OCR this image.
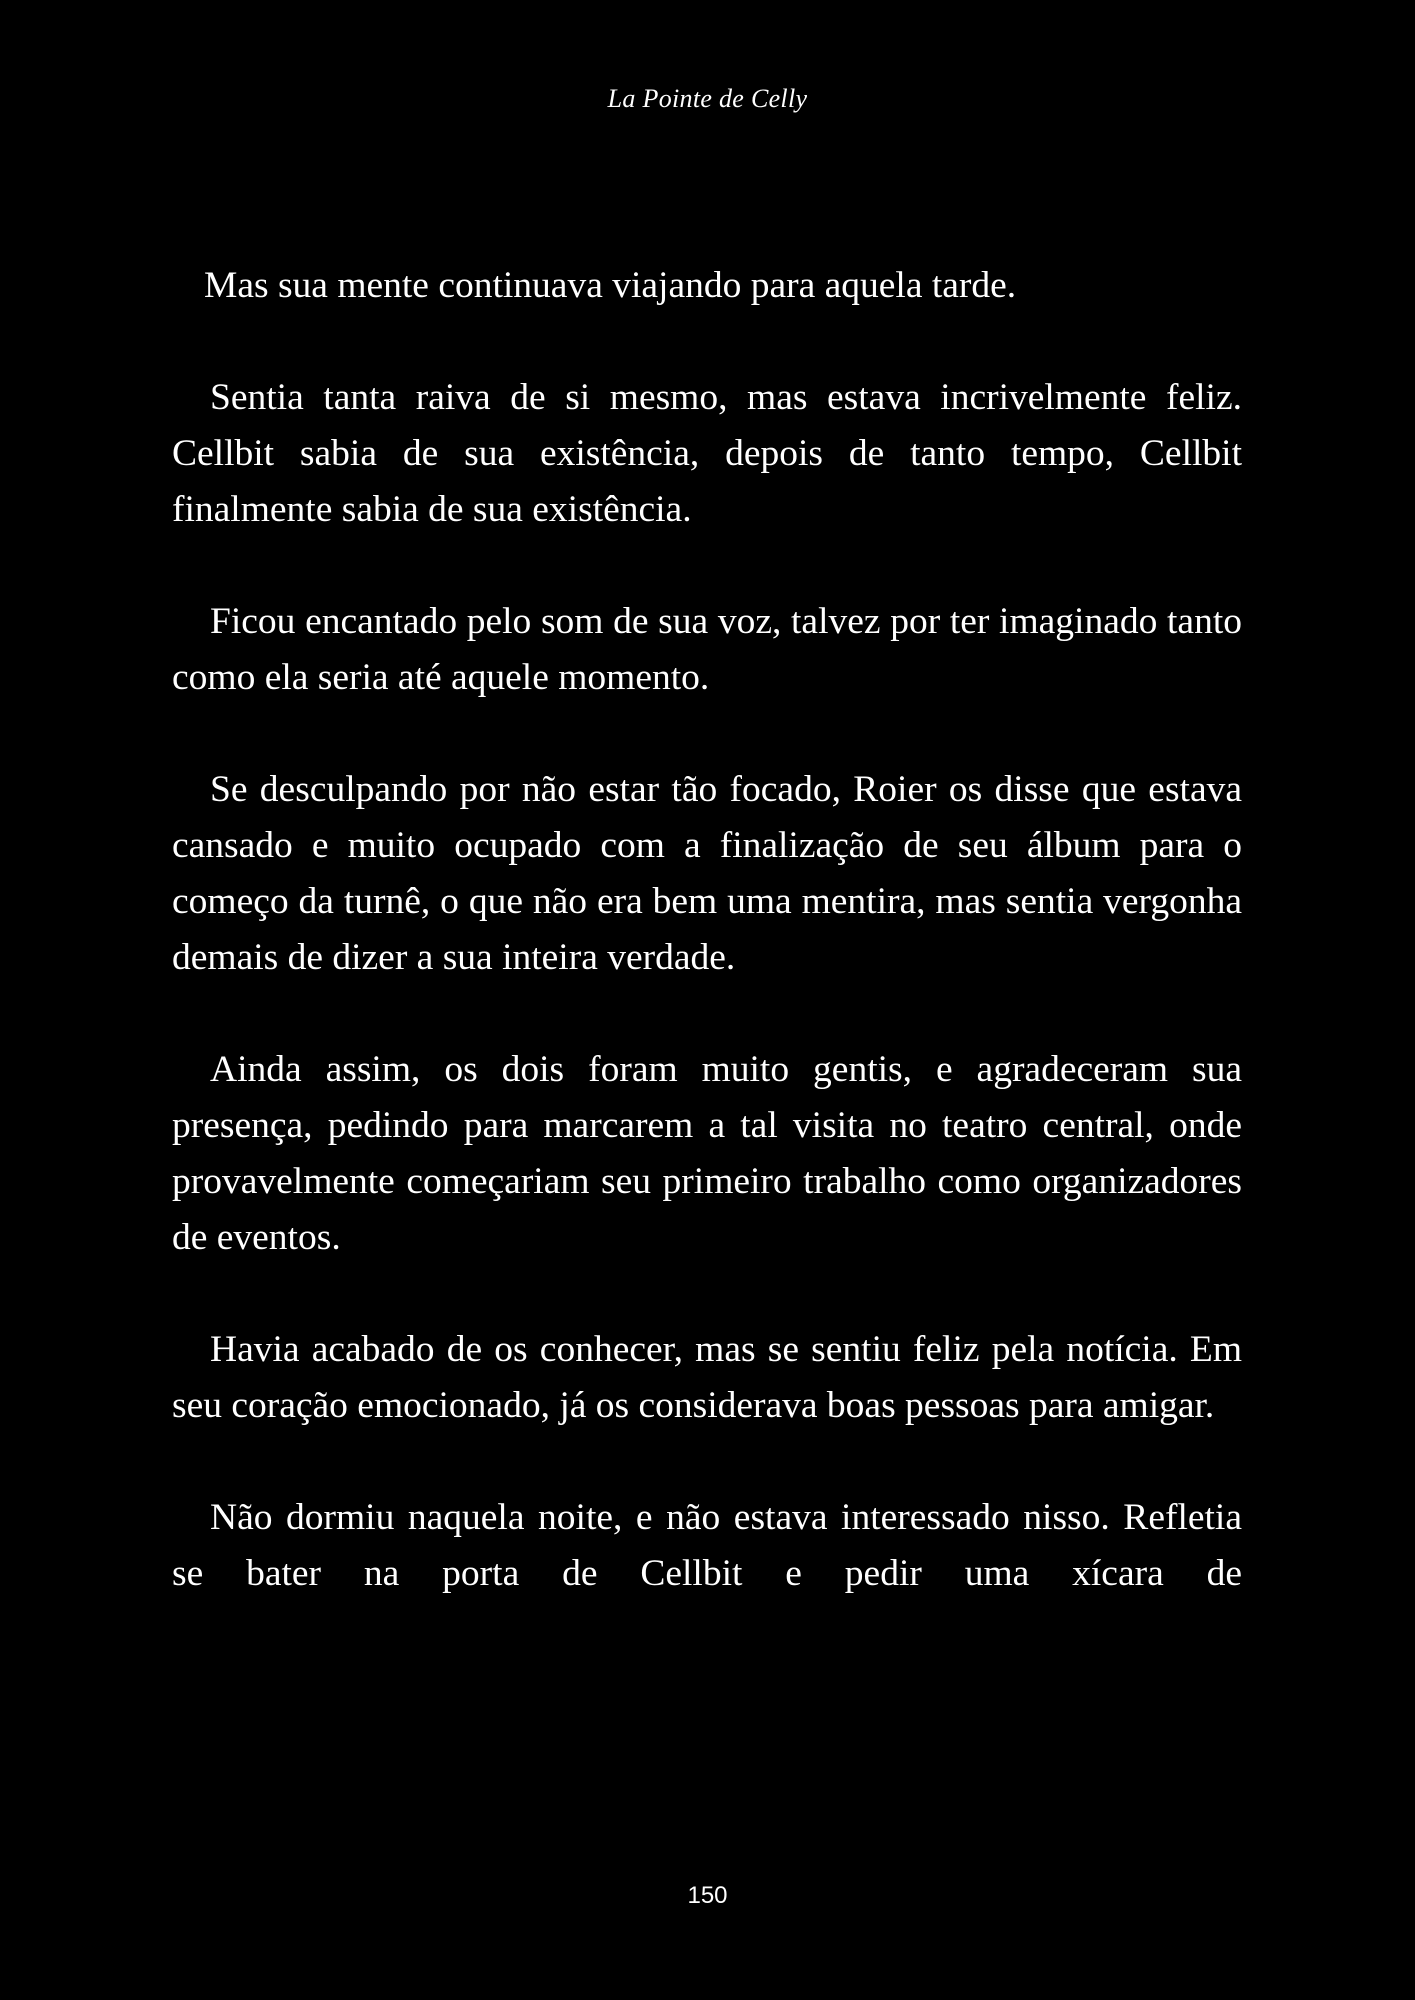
La Pointe de Celly

Mas sua mente continuava viajando para aquela tarde.

Sentia tanta raiva de si mesmo, mas estava incrivelmente feliz. Cellbit sabia de sua existência, depois de tanto tempo, Cellbit finalmente sabia de sua existência.

Ficou encantado pelo som de sua voz, talvez por ter imaginado tanto como ela seria até aquele momento.

Se desculpando por não estar tão focado, Roier os disse que estava cansado e muito ocupado com a finalização de seu álbum para o começo da turnê, o que não era bem uma mentira, mas sentia vergonha demais de dizer a sua inteira verdade.

Ainda assim, os dois foram muito gentis, e agradeceram sua presença, pedindo para marcarem a tal visita no teatro central, onde provavelmente começariam seu primeiro trabalho como organizadores de eventos.

Havia acabado de os conhecer, mas se sentiu feliz pela notícia. Em seu coração emocionado, já os considerava boas pessoas para amigar.

Não dormiu naquela noite, e não estava interessado nisso. Refletia se bater na porta de Cellbit e pedir uma xícara de

150
